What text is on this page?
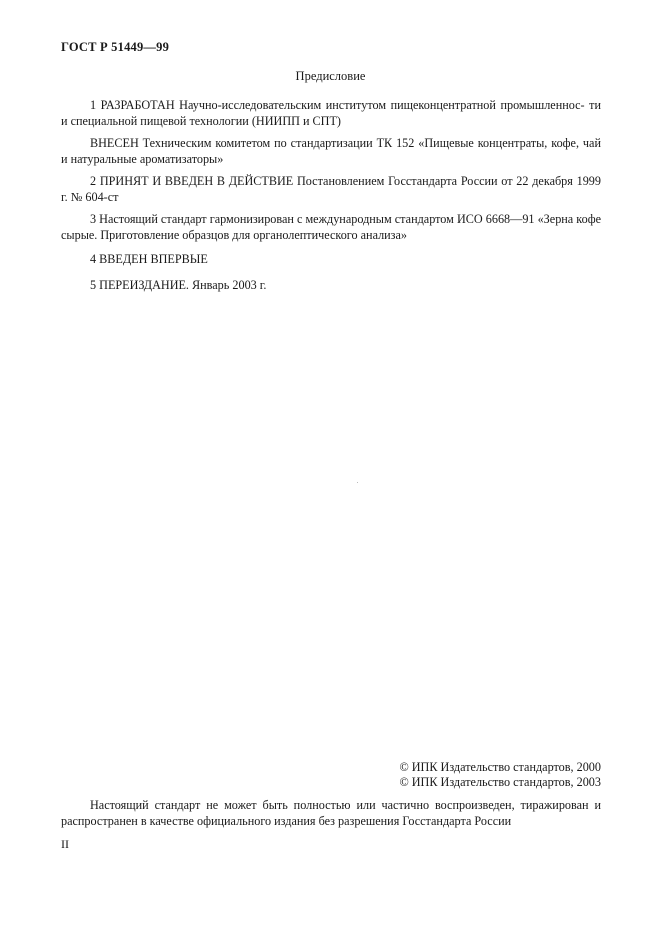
ГОСТ Р 51449—99
Предисловие

1 РАЗРАБОТАН Научно-исследовательским институтом пищеконцентратной промышленнос- ти и специальной пищевой технологии (НИИПП и СПТ)

ВНЕСЕН Техническим комитетом по стандартизации ТК 152 «Пищевые концентраты, кофе, чай и натуральные ароматизаторы»

2 ПРИНЯТ И ВВЕДЕН В ДЕЙСТВИЕ Постановлением Госстандарта России от 22 декабря 1999 г. № 604-ст

3 Настоящий стандарт гармонизирован с международным стандартом ИСО 6668—91 «Зерна кофе сырые. Приготовление образцов для органолептического анализа»

4 ВВЕДЕН ВПЕРВЫЕ

5 ПЕРЕИЗДАНИЕ. Январь 2003 г.

© ИПК Издательство стандартов, 2000
© ИПК Издательство стандартов, 2003

Настоящий стандарт не может быть полностью или частично воспроизведен, тиражирован и распространен в качестве официального издания без разрешения Госстандарта России

II
